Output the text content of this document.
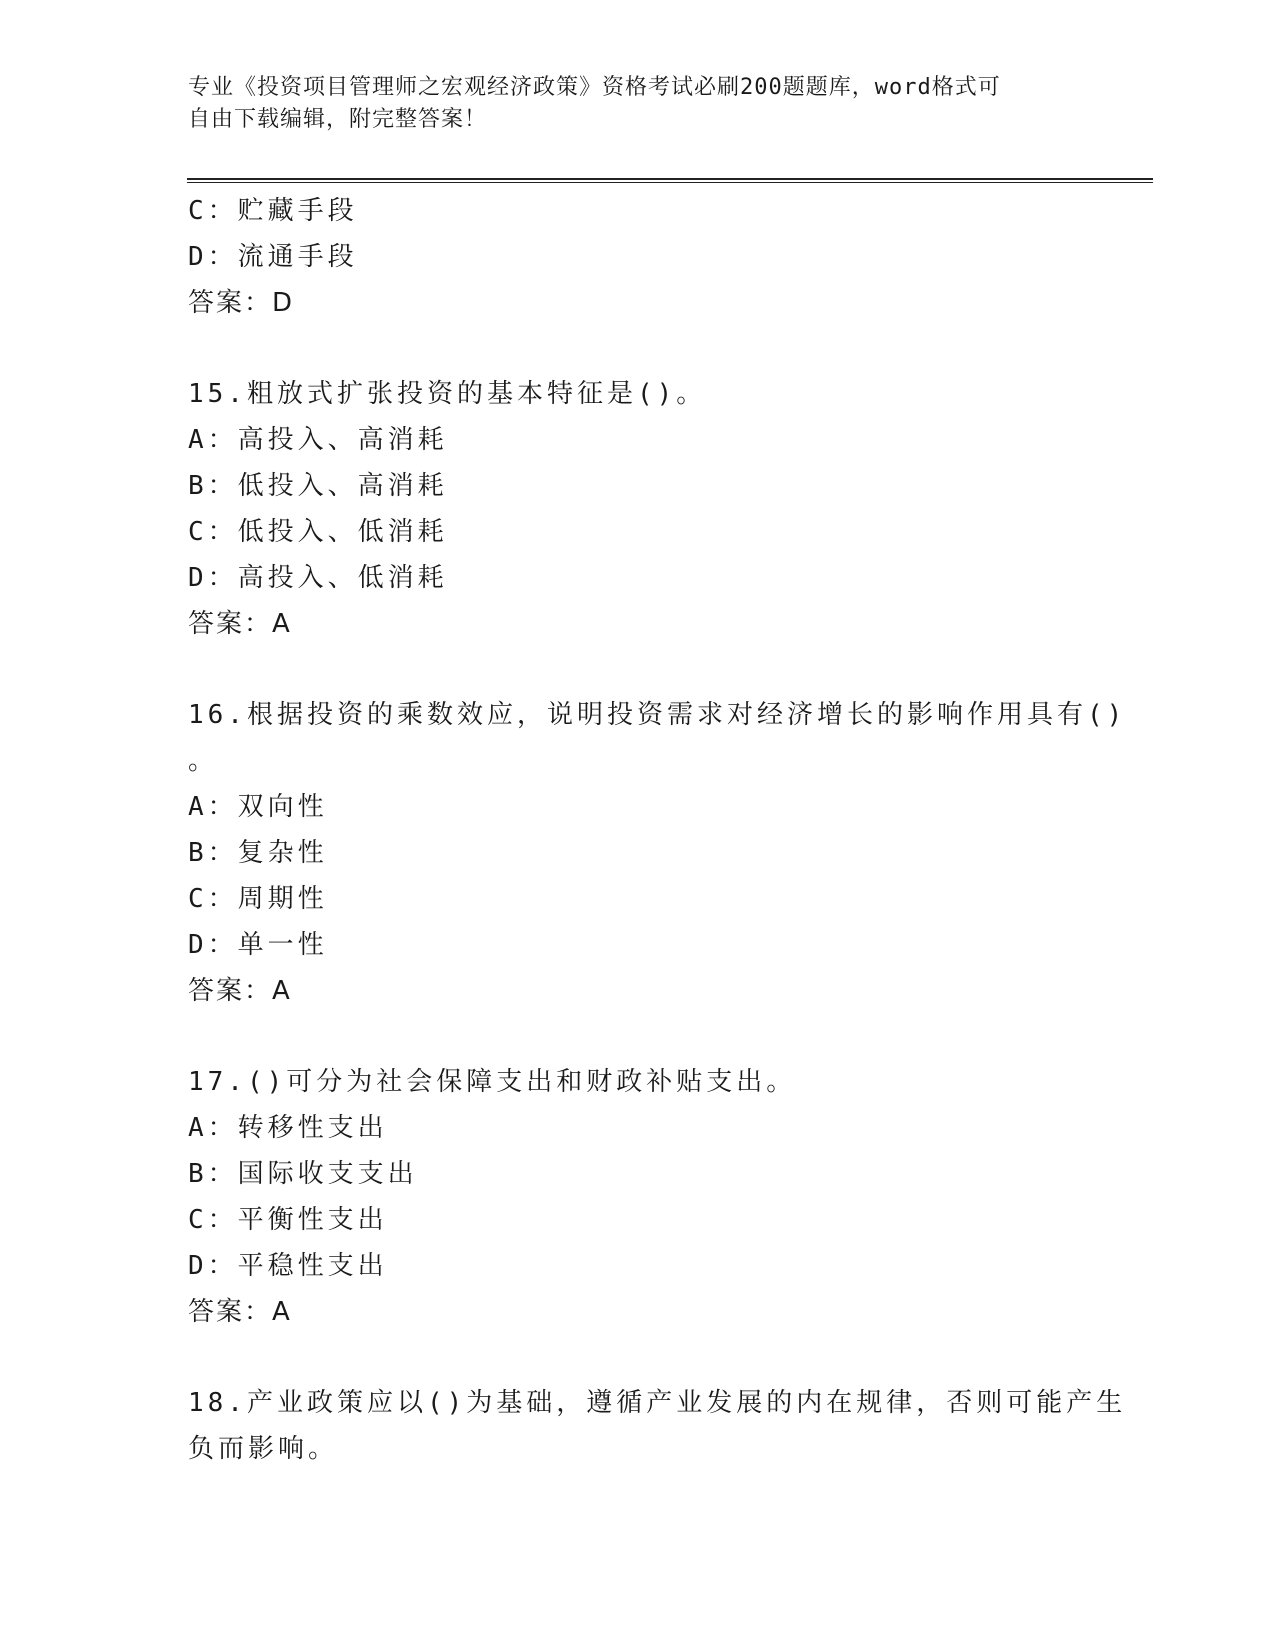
专业《投资项目管理师之宏观经济政策》资格考试必刷200题题库，word格式可
自由下载编辑，附完整答案！
C：贮藏手段
D：流通手段
答案：D
15.粗放式扩张投资的基本特征是()。
A：高投入、高消耗
B：低投入、高消耗
C：低投入、低消耗
D：高投入、低消耗
答案：A
16.根据投资的乘数效应，说明投资需求对经济增长的影响作用具有()
。
A：双向性
B：复杂性
C：周期性
D：单一性
答案：A
17.()可分为社会保障支出和财政补贴支出。
A：转移性支出
B：国际收支支出
C：平衡性支出
D：平稳性支出
答案：A
18.产业政策应以()为基础，遵循产业发展的内在规律，否则可能产生
负而影响。
